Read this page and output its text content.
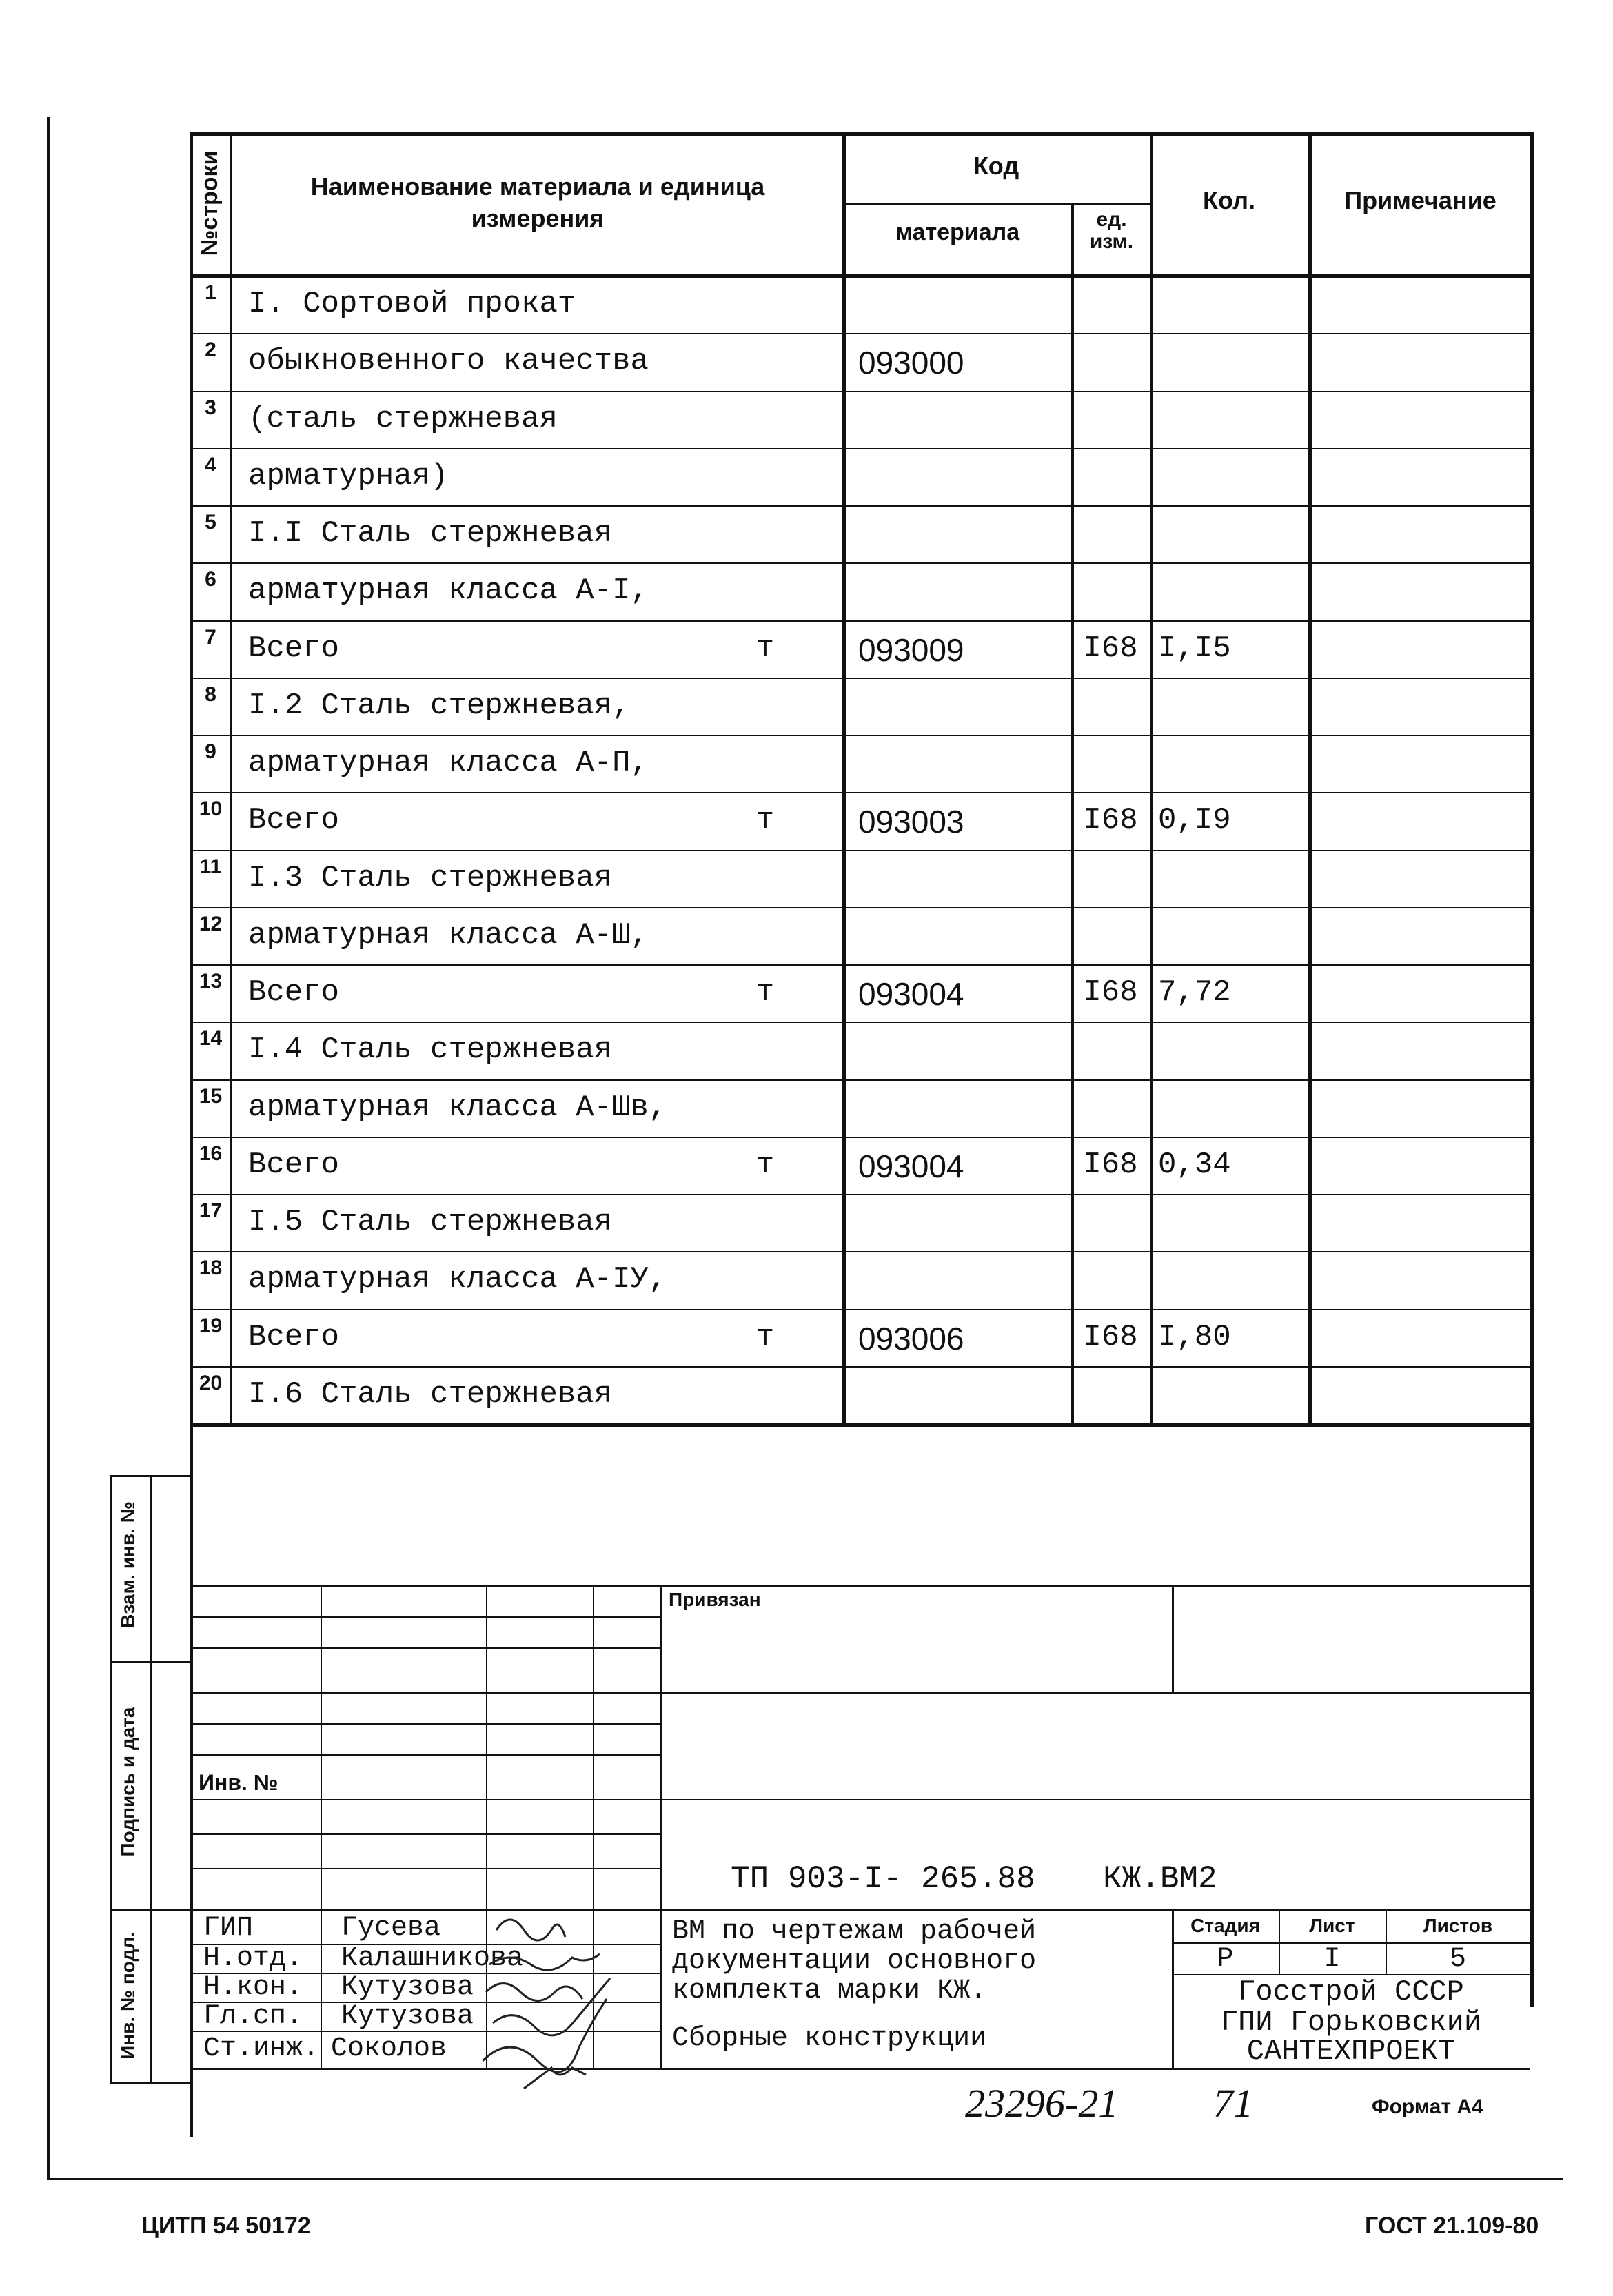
№строки	Наименование материала и единица измерения
Код
материала	ед. изм.
Кол.	Примечание
1	I. Сортовой прокат
2	обыкновенного качества	093000
3	(сталь стержневая
4	арматурная)
5	I.I Сталь стержневая
6	арматурная класса А-I,
7	Всего	т	093009	I68 I,I5
8	I.2 Сталь стержневая,
9	арматурная класса А-П,
10 Всего	т	093003	I68 0,I9
11 I.3 Сталь стержневая
12 арматурная класса А-Ш,
13 Всего	т	093004	I68 7,72
14 I.4 Сталь стержневая
15 арматурная класса А-Шв,
16 Всего	т	093004	I68 0,34
17 I.5 Сталь стержневая
18 арматурная класса А-IУ,
19 Всего	т	093006	I68 I,80
20 I.6 Сталь стержневая
Взам. инв. №
Подпись и дата
Инв. № подл.
Привязан
Инв. №
ТП 903-I- 265.88 КЖ.ВМ2
ГИП	Гусева
Н.отд. Калашникова
Н.кон. Кутузова
Гл.сп. Кутузова
Ст.инж. Соколов
ВМ по чертежам рабочей
документации основного
комплекта марки КЖ.
Сборные конструкции
Стадия	Лист	Листов
Р	I	5
Госстрой СССР
ГПИ Горьковский
САНТЕХПРОЕКТ
23296-21 71	Формат А4
ЦИТП 54 50172	ГОСТ 21.109-80
